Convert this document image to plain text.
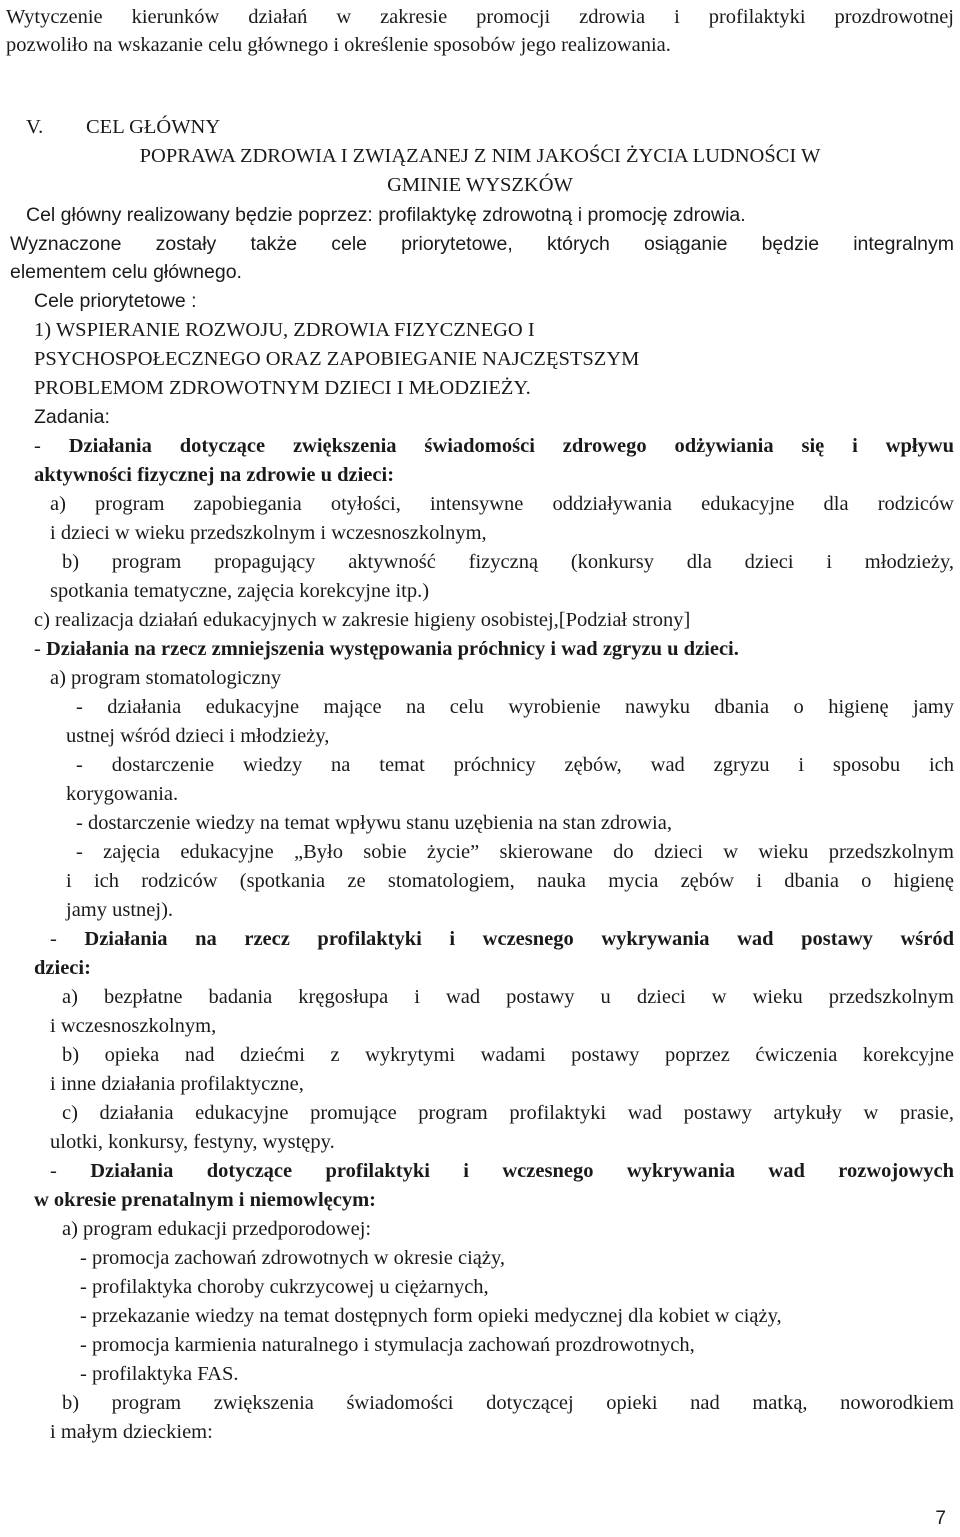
Wytyczenie kierunków działań w zakresie promocji zdrowia i profilaktyki prozdrowotnej
pozwoliło na wskazanie celu głównego i określenie sposobów jego realizowania.
V. CEL GŁÓWNY
POPRAWA ZDROWIA I ZWIĄZANEJ Z NIM JAKOŚCI ŻYCIA LUDNOŚCI W
GMINIE WYSZKÓW
Cel główny realizowany będzie poprzez: profilaktykę zdrowotną i promocję zdrowia.
Wyznaczone zostały także cele priorytetowe, których osiąganie będzie integralnym
elementem celu głównego.
Cele priorytetowe :
1) WSPIERANIE ROZWOJU, ZDROWIA FIZYCZNEGO I
PSYCHOSPOŁECZNEGO ORAZ ZAPOBIEGANIE NAJCZĘSTSZYM
PROBLEMOM ZDROWOTNYM DZIECI I MŁODZIEŻY.
Zadania:
- Działania dotyczące zwiększenia świadomości zdrowego odżywiania się i wpływu
aktywności fizycznej na zdrowie u dzieci:
a) program zapobiegania otyłości, intensywne oddziaływania edukacyjne dla rodziców
i dzieci w wieku przedszkolnym i wczesnoszkolnym,
b) program propagujący aktywność fizyczną (konkursy dla dzieci i młodzieży,
spotkania tematyczne, zajęcia korekcyjne itp.)
c) realizacja działań edukacyjnych w zakresie higieny osobistej,[Podział strony]
- Działania na rzecz zmniejszenia występowania próchnicy i wad zgryzu u dzieci.
a) program stomatologiczny
- działania edukacyjne mające na celu wyrobienie nawyku dbania o higienę jamy
ustnej wśród dzieci i młodzieży,
- dostarczenie wiedzy na temat próchnicy zębów, wad zgryzu i sposobu ich
korygowania.
- dostarczenie wiedzy na temat wpływu stanu uzębienia na stan zdrowia,
- zajęcia edukacyjne „Było sobie życie” skierowane do dzieci w wieku przedszkolnym
i ich rodziców (spotkania ze stomatologiem, nauka mycia zębów i dbania o higienę
jamy ustnej).
- Działania na rzecz profilaktyki i wczesnego wykrywania wad postawy wśród
dzieci:
a) bezpłatne badania kręgosłupa i wad postawy u dzieci w wieku przedszkolnym
i wczesnoszkolnym,
b) opieka nad dziećmi z wykrytymi wadami postawy poprzez ćwiczenia korekcyjne
i inne działania profilaktyczne,
c) działania edukacyjne promujące program profilaktyki wad postawy artykuły w prasie,
ulotki, konkursy, festyny, występy.
- Działania dotyczące profilaktyki i wczesnego wykrywania wad rozwojowych
w okresie prenatalnym i niemowlęcym:
a) program edukacji przedporodowej:
- promocja zachowań zdrowotnych w okresie ciąży,
- profilaktyka choroby cukrzycowej u ciężarnych,
- przekazanie wiedzy na temat dostępnych form opieki medycznej dla kobiet w ciąży,
- promocja karmienia naturalnego i stymulacja zachowań prozdrowotnych,
- profilaktyka FAS.
b) program zwiększenia świadomości dotyczącej opieki nad matką, noworodkiem
i małym dzieckiem:
7
